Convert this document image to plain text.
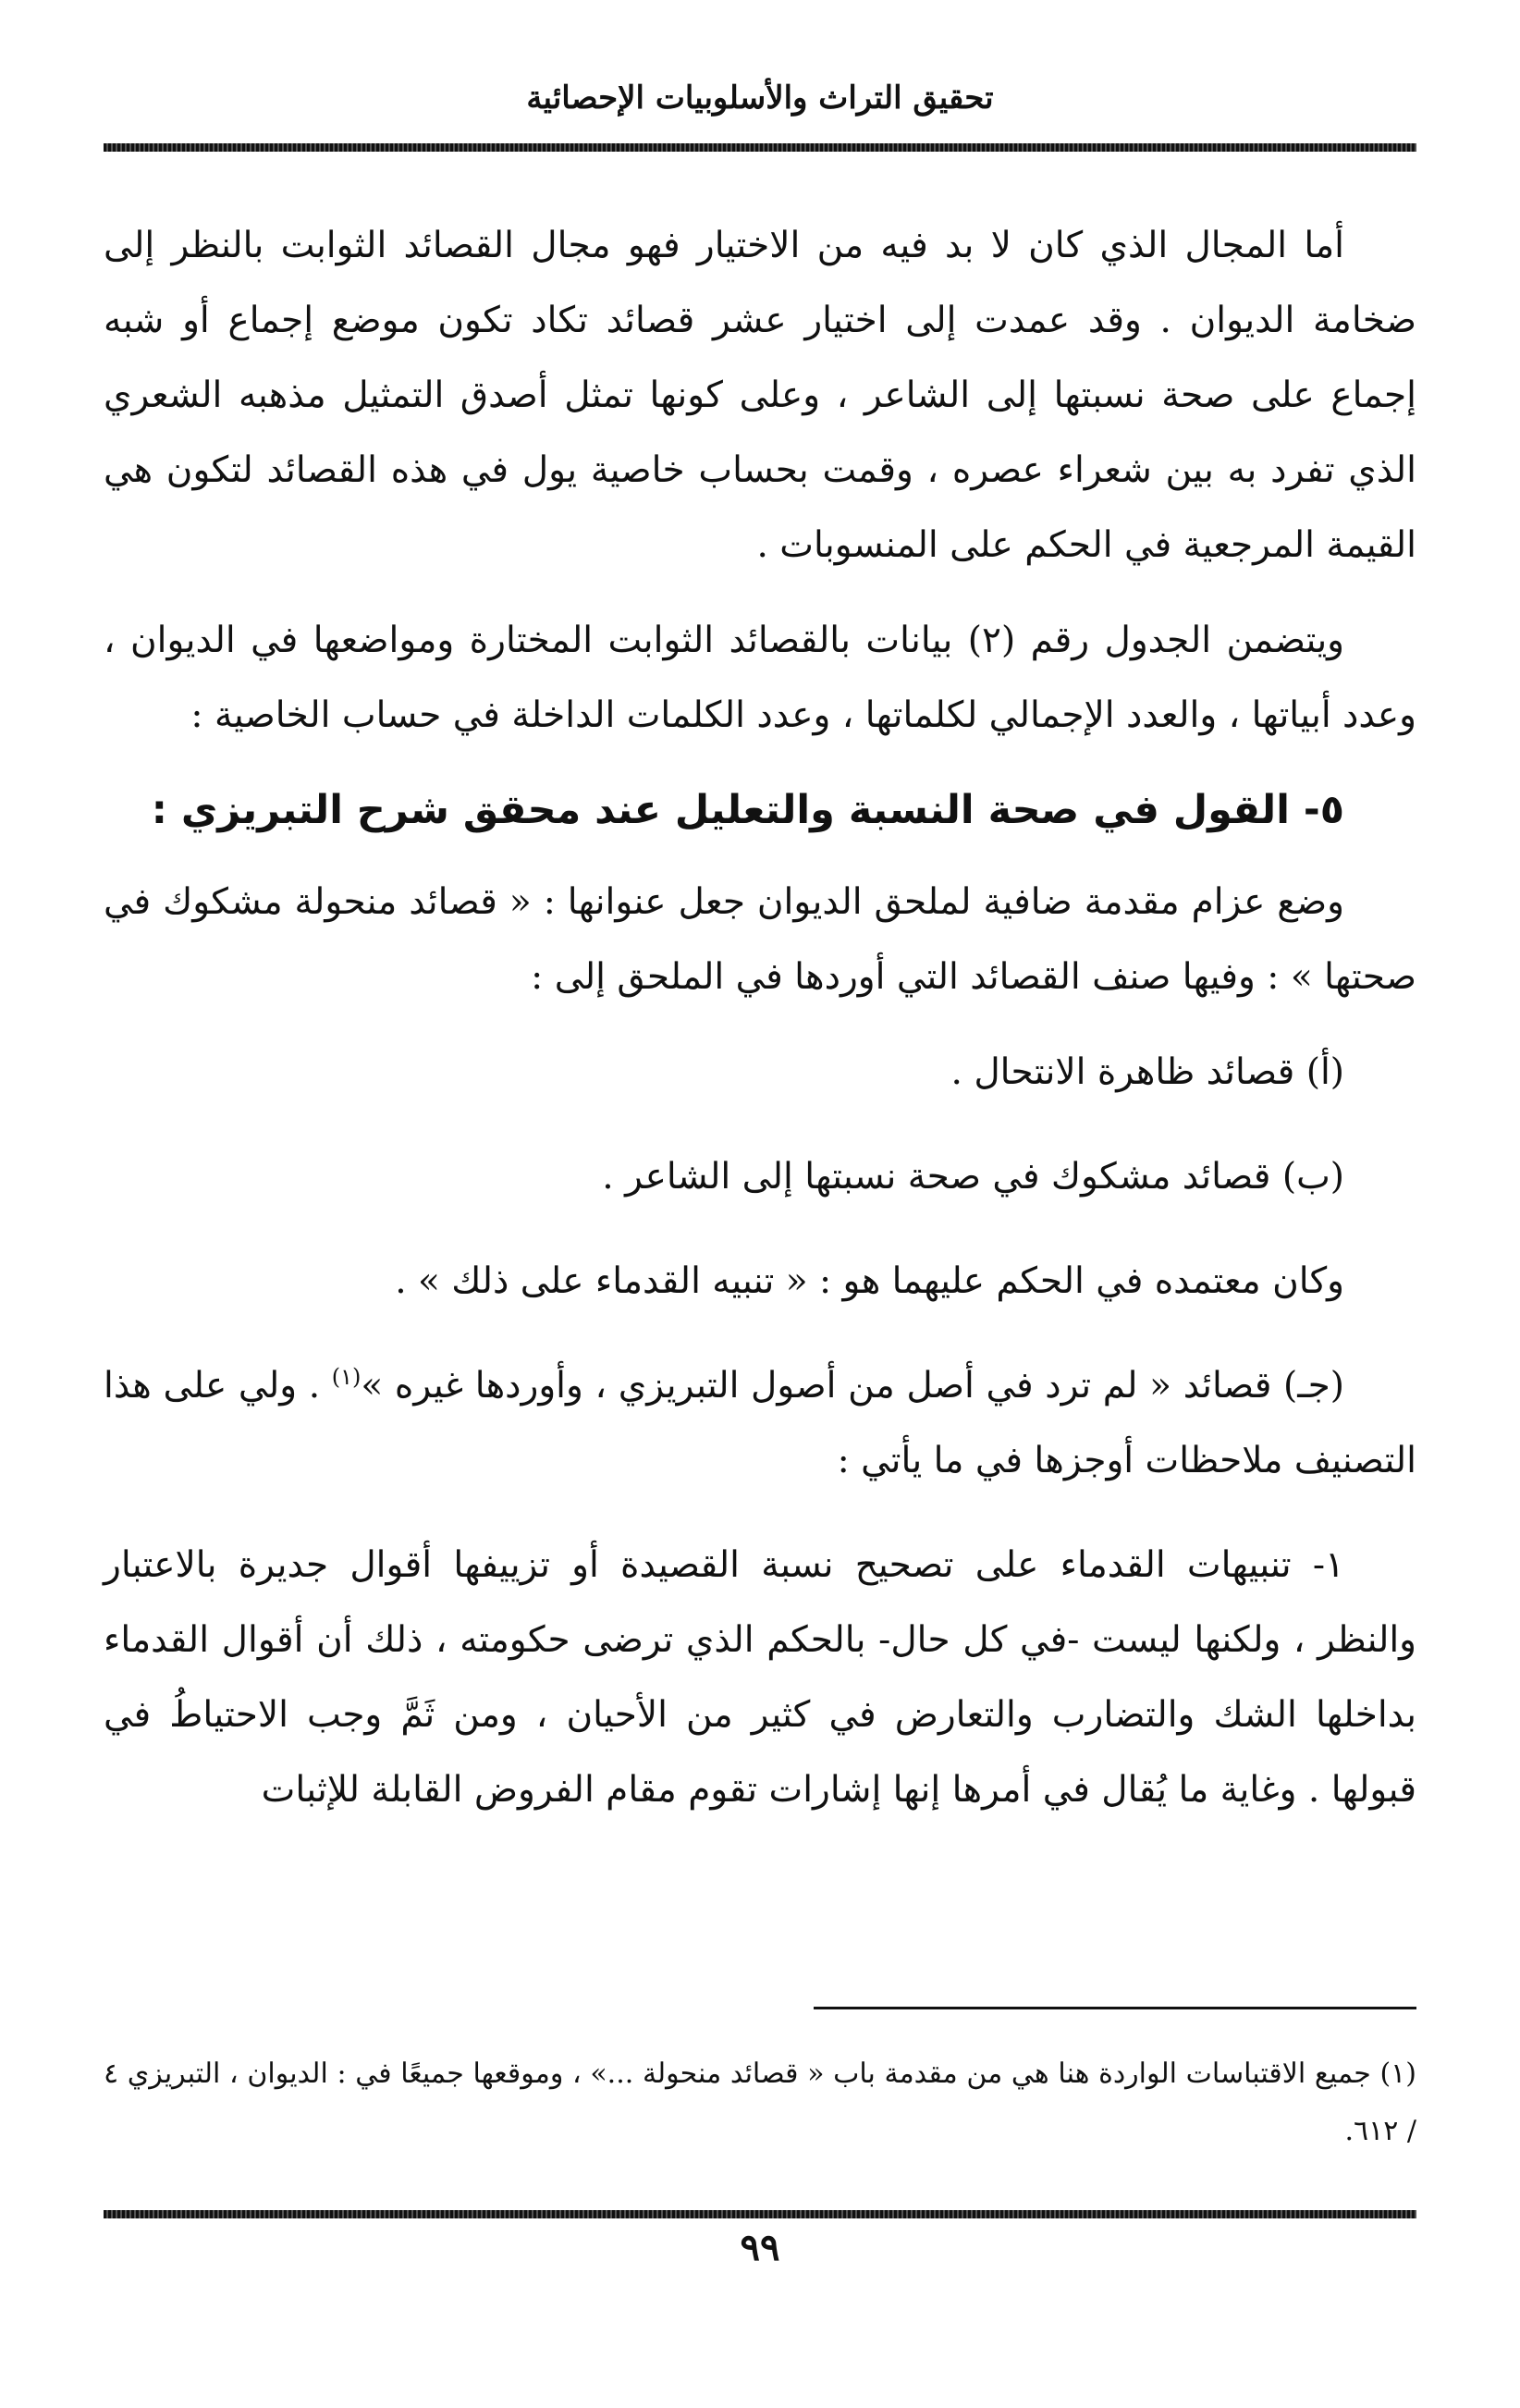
تحقيق التراث والأسلوبيات الإحصائية

أما المجال الذي كان لا بد فيه من الاختيار فهو مجال القصائد الثوابت بالنظر إلى ضخامة الديوان . وقد عمدت إلى اختيار عشر قصائد تكاد تكون موضع إجماع أو شبه إجماع على صحة نسبتها إلى الشاعر ، وعلى كونها تمثل أصدق التمثيل مذهبه الشعري الذي تفرد به بين شعراء عصره ، وقمت بحساب خاصية يول في هذه القصائد لتكون هي القيمة المرجعية في الحكم على المنسوبات .

ويتضمن الجدول رقم (٢) بيانات بالقصائد الثوابت المختارة ومواضعها في الديوان ، وعدد أبياتها ، والعدد الإجمالي لكلماتها ، وعدد الكلمات الداخلة في حساب الخاصية :

٥- القول في صحة النسبة والتعليل عند محقق شرح التبريزي :

وضع عزام مقدمة ضافية لملحق الديوان جعل عنوانها : « قصائد منحولة مشكوك في صحتها » : وفيها صنف القصائد التي أوردها في الملحق إلى :

(أ) قصائد ظاهرة الانتحال .

(ب) قصائد مشكوك في صحة نسبتها إلى الشاعر .

وكان معتمده في الحكم عليهما هو : « تنبيه القدماء على ذلك » .

(جـ) قصائد « لم ترد في أصل من أصول التبريزي ، وأوردها غيره »$^{(١)}$ . ولي على هذا التصنيف ملاحظات أوجزها في ما يأتي :

١- تنبيهات القدماء على تصحيح نسبة القصيدة أو تزييفها أقوال جديرة بالاعتبار والنظر ، ولكنها ليست -في كل حال- بالحكم الذي ترضى حكومته ، ذلك أن أقوال القدماء بداخلها الشك والتضارب والتعارض في كثير من الأحيان ، ومن ثَمَّ وجب الاحتياطُ في قبولها . وغاية ما يُقال في أمرها إنها إشارات تقوم مقام الفروض القابلة للإثبات

(١) جميع الاقتباسات الواردة هنا هي من مقدمة باب « قصائد منحولة ...» ، وموقعها جميعًا في : الديوان ، التبريزي ٤ / ٦١٢.

٩٩
